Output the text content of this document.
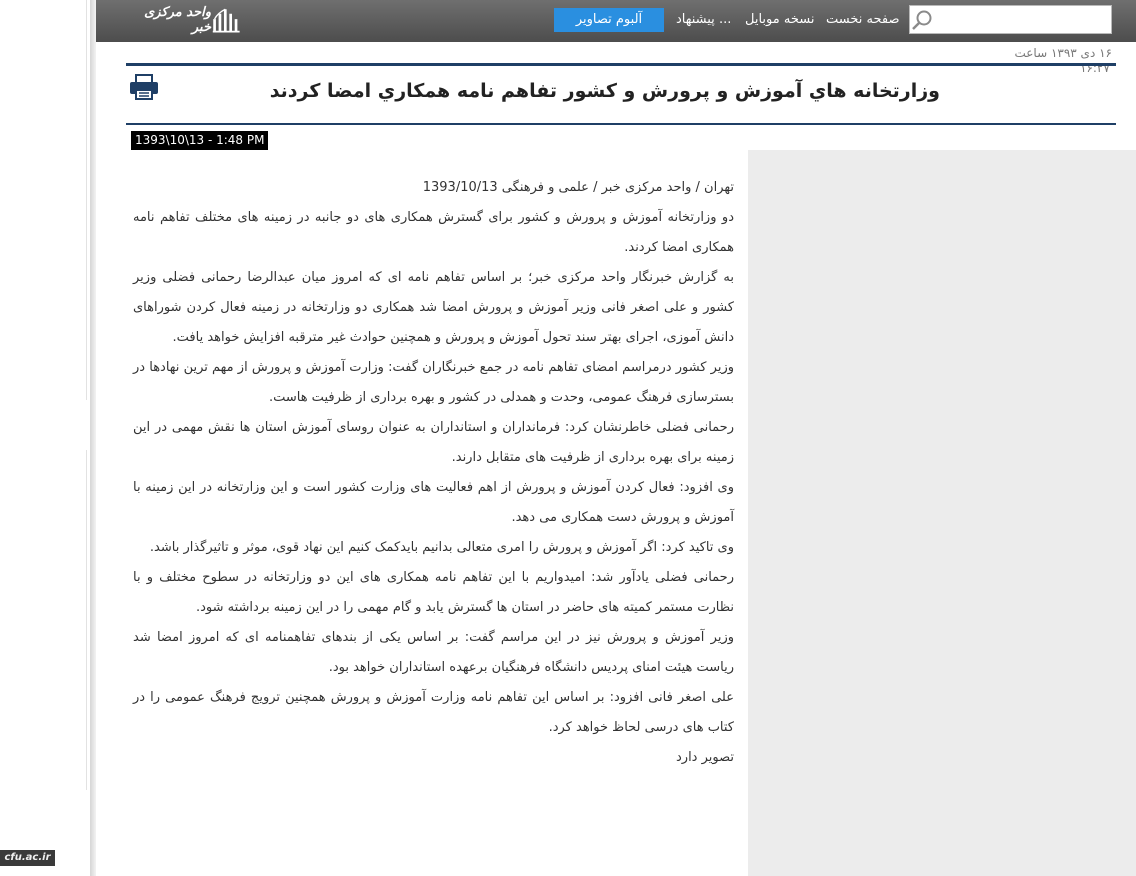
cfu.ac.ir
واحد مرکزی خبر
آلبوم تصاویر	پیشنهاد ... نسخه موبایل صفحه نخست
۱۶ دی ۱۳۹۳ ساعت
۱۶:۲۷
وزارتخانه هاي آموزش و پرورش و كشور تفاهم نامه همكاري امضا كردند
1393\10\13 - 1:48 PM

تهران / واحد مرکزی خبر / علمی و فرهنگی 1393/10/13

دو وزارتخانه آموزش و پرورش و کشور برای گسترش همکاری های دو جانبه در زمینه های مختلف تفاهم نامه همکاری امضا کردند.

به گزارش خبرنگار واحد مرکزی خبر؛ بر اساس تفاهم نامه ای که امروز میان عبدالرضا رحمانی فضلی وزیر کشور و علی اصغر فانی وزیر آموزش و پرورش امضا شد همکاری دو وزارتخانه در زمینه فعال کردن شوراهای دانش آموزی، اجرای بهتر سند تحول آموزش و پرورش و همچنین حوادث غیر مترقبه افزایش خواهد یافت.

وزیر کشور درمراسم امضای تفاهم نامه در جمع خبرنگاران گفت: وزارت آموزش و پرورش از مهم ترین نهادها در بسترسازی فرهنگ عمومی، وحدت و همدلی در کشور و بهره برداری از ظرفیت هاست.

رحمانی فضلی خاطرنشان کرد: فرمانداران و استانداران به عنوان روسای آموزش استان ها نقش مهمی در این زمینه برای بهره برداری از ظرفیت های متقابل دارند.

وی افزود: فعال کردن آموزش و پرورش از اهم فعالیت های وزارت کشور است و این وزارتخانه در این زمینه با آموزش و پرورش دست همکاری می دهد.

وی تاکید کرد: اگر آموزش و پرورش را امری متعالی بدانیم بایدکمک کنیم این نهاد قوی، موثر و تاثیرگذار باشد.

رحمانی فضلی یادآور شد: امیدواریم با این تفاهم نامه همکاری های این دو وزارتخانه در سطوح مختلف و با نظارت مستمر کمیته های حاضر در استان ها گسترش یابد و گام مهمی را در این زمینه برداشته شود.

وزیر آموزش و پرورش نیز در این مراسم گفت: بر اساس یکی از بندهای تفاهمنامه ای که امروز امضا شد ریاست هیئت امنای پردیس دانشگاه فرهنگیان برعهده استانداران خواهد بود.

علی اصغر فانی افزود: بر اساس این تفاهم نامه وزارت آموزش و پرورش همچنین ترویج فرهنگ عمومی را در کتاب های درسی لحاظ خواهد کرد.

تصویر دارد
